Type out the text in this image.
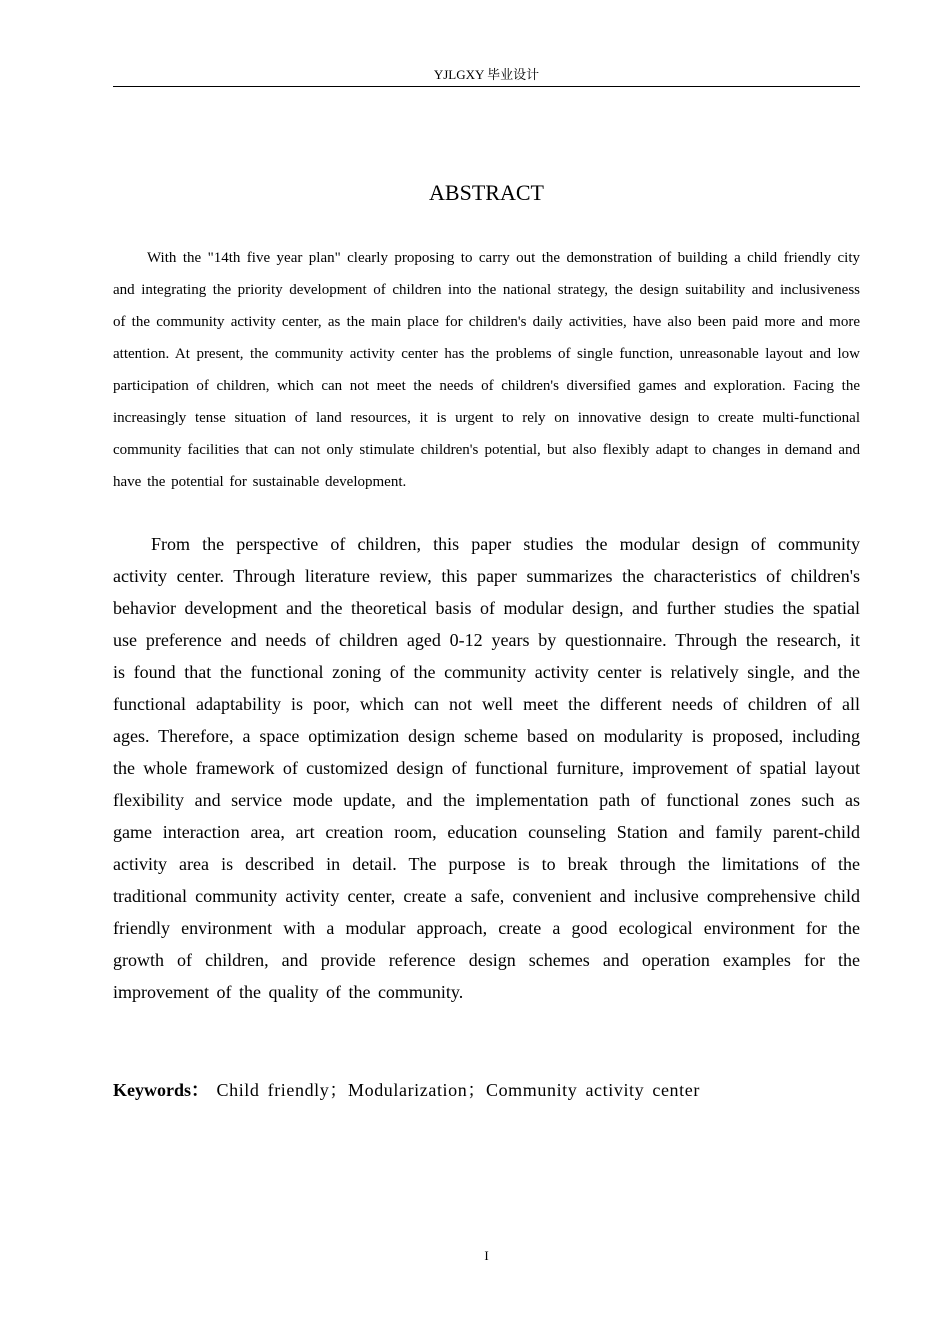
YJLGXY 毕业设计
ABSTRACT

With the "14th five year plan" clearly proposing to carry out the demonstration of building a child friendly city and integrating the priority development of children into the national strategy, the design suitability and inclusiveness of the community activity center, as the main place for children's daily activities, have also been paid more and more attention. At present, the community activity center has the problems of single function, unreasonable layout and low participation of children, which can not meet the needs of children's diversified games and exploration. Facing the increasingly tense situation of land resources, it is urgent to rely on innovative design to create multi-functional community facilities that can not only stimulate children's potential, but also flexibly adapt to changes in demand and have the potential for sustainable development.

From the perspective of children, this paper studies the modular design of community activity center. Through literature review, this paper summarizes the characteristics of children's behavior development and the theoretical basis of modular design, and further studies the spatial use preference and needs of children aged 0-12 years by questionnaire. Through the research, it is found that the functional zoning of the community activity center is relatively single, and the functional adaptability is poor, which can not well meet the different needs of children of all ages. Therefore, a space optimization design scheme based on modularity is proposed, including the whole framework of customized design of functional furniture, improvement of spatial layout flexibility and service mode update, and the implementation path of functional zones such as game interaction area, art creation room, education counseling Station and family parent-child activity area is described in detail. The purpose is to break through the limitations of the traditional community activity center, create a safe, convenient and inclusive comprehensive child friendly environment with a modular approach, create a good ecological environment for the growth of children, and provide reference design schemes and operation examples for the improvement of the quality of the community.

Keywords： Child friendly；Modularization；Community activity center

I
